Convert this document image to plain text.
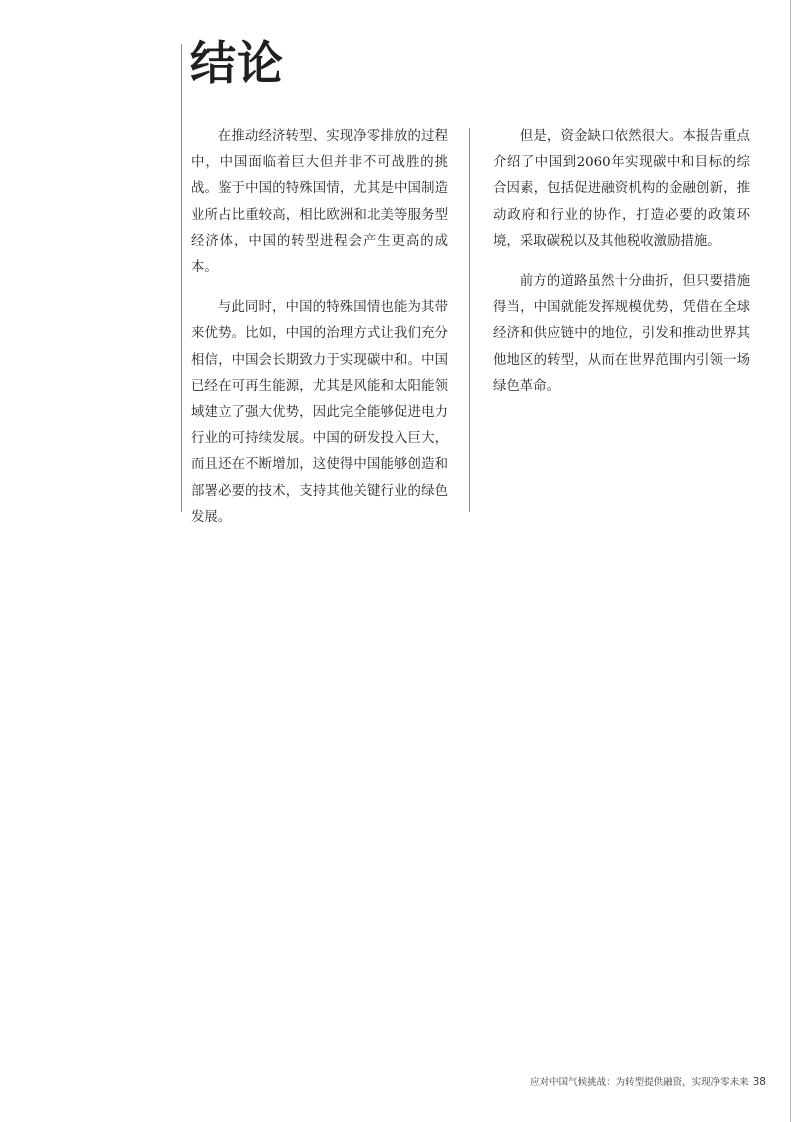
结论

在推动经济转型、实现净零排放的过程中，中国面临着巨大但并非不可战胜的挑战。鉴于中国的特殊国情，尤其是中国制造业所占比重较高，相比欧洲和北美等服务型经济体，中国的转型进程会产生更高的成本。

与此同时，中国的特殊国情也能为其带来优势。比如，中国的治理方式让我们充分相信，中国会长期致力于实现碳中和。中国已经在可再生能源，尤其是风能和太阳能领域建立了强大优势，因此完全能够促进电力行业的可持续发展。中国的研发投入巨大，而且还在不断增加，这使得中国能够创造和部署必要的技术，支持其他关键行业的绿色发展。

但是，资金缺口依然很大。本报告重点介绍了中国到2060年实现碳中和目标的综合因素，包括促进融资机构的金融创新，推动政府和行业的协作，打造必要的政策环境，采取碳税以及其他税收激励措施。

前方的道路虽然十分曲折，但只要措施得当，中国就能发挥规模优势，凭借在全球经济和供应链中的地位，引发和推动世界其他地区的转型，从而在世界范围内引领一场绿色革命。

应对中国气候挑战：为转型提供融资，实现净零未来 38
